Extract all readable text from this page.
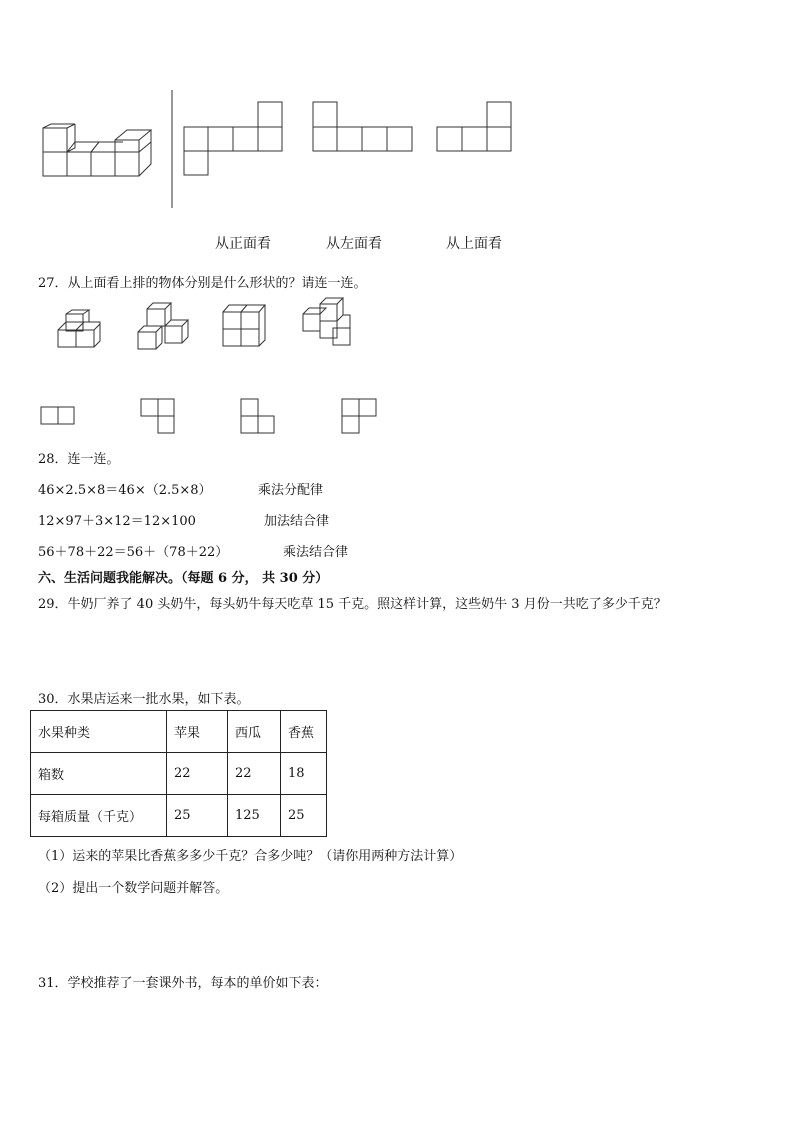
从正面看	从左面看	从上面看
27．从上面看上排的物体分别是什么形状的？请连一连。
28．连一连。
46×2.5×8＝46×（2.5×8）
12×97＋3×12＝12×100
56＋78＋22＝56＋（78＋22）
乘法分配律
加法结合律
乘法结合律
六、生活问题我能解决。（每题 6 分， 共 30 分）
29．牛奶厂养了 40 头奶牛，每头奶牛每天吃草 15 千克。照这样计算，这些奶牛 3 月份一共吃了多少千克？
30．水果店运来一批水果，如下表。
水果种类	苹果	西瓜	香蕉
箱数	22	22	18
每箱质量（千克）	25	125	25
（1）运来的苹果比香蕉多多少千克？合多少吨？（请你用两种方法计算）
（2）提出一个数学问题并解答。
31．学校推荐了一套课外书，每本的单价如下表：
